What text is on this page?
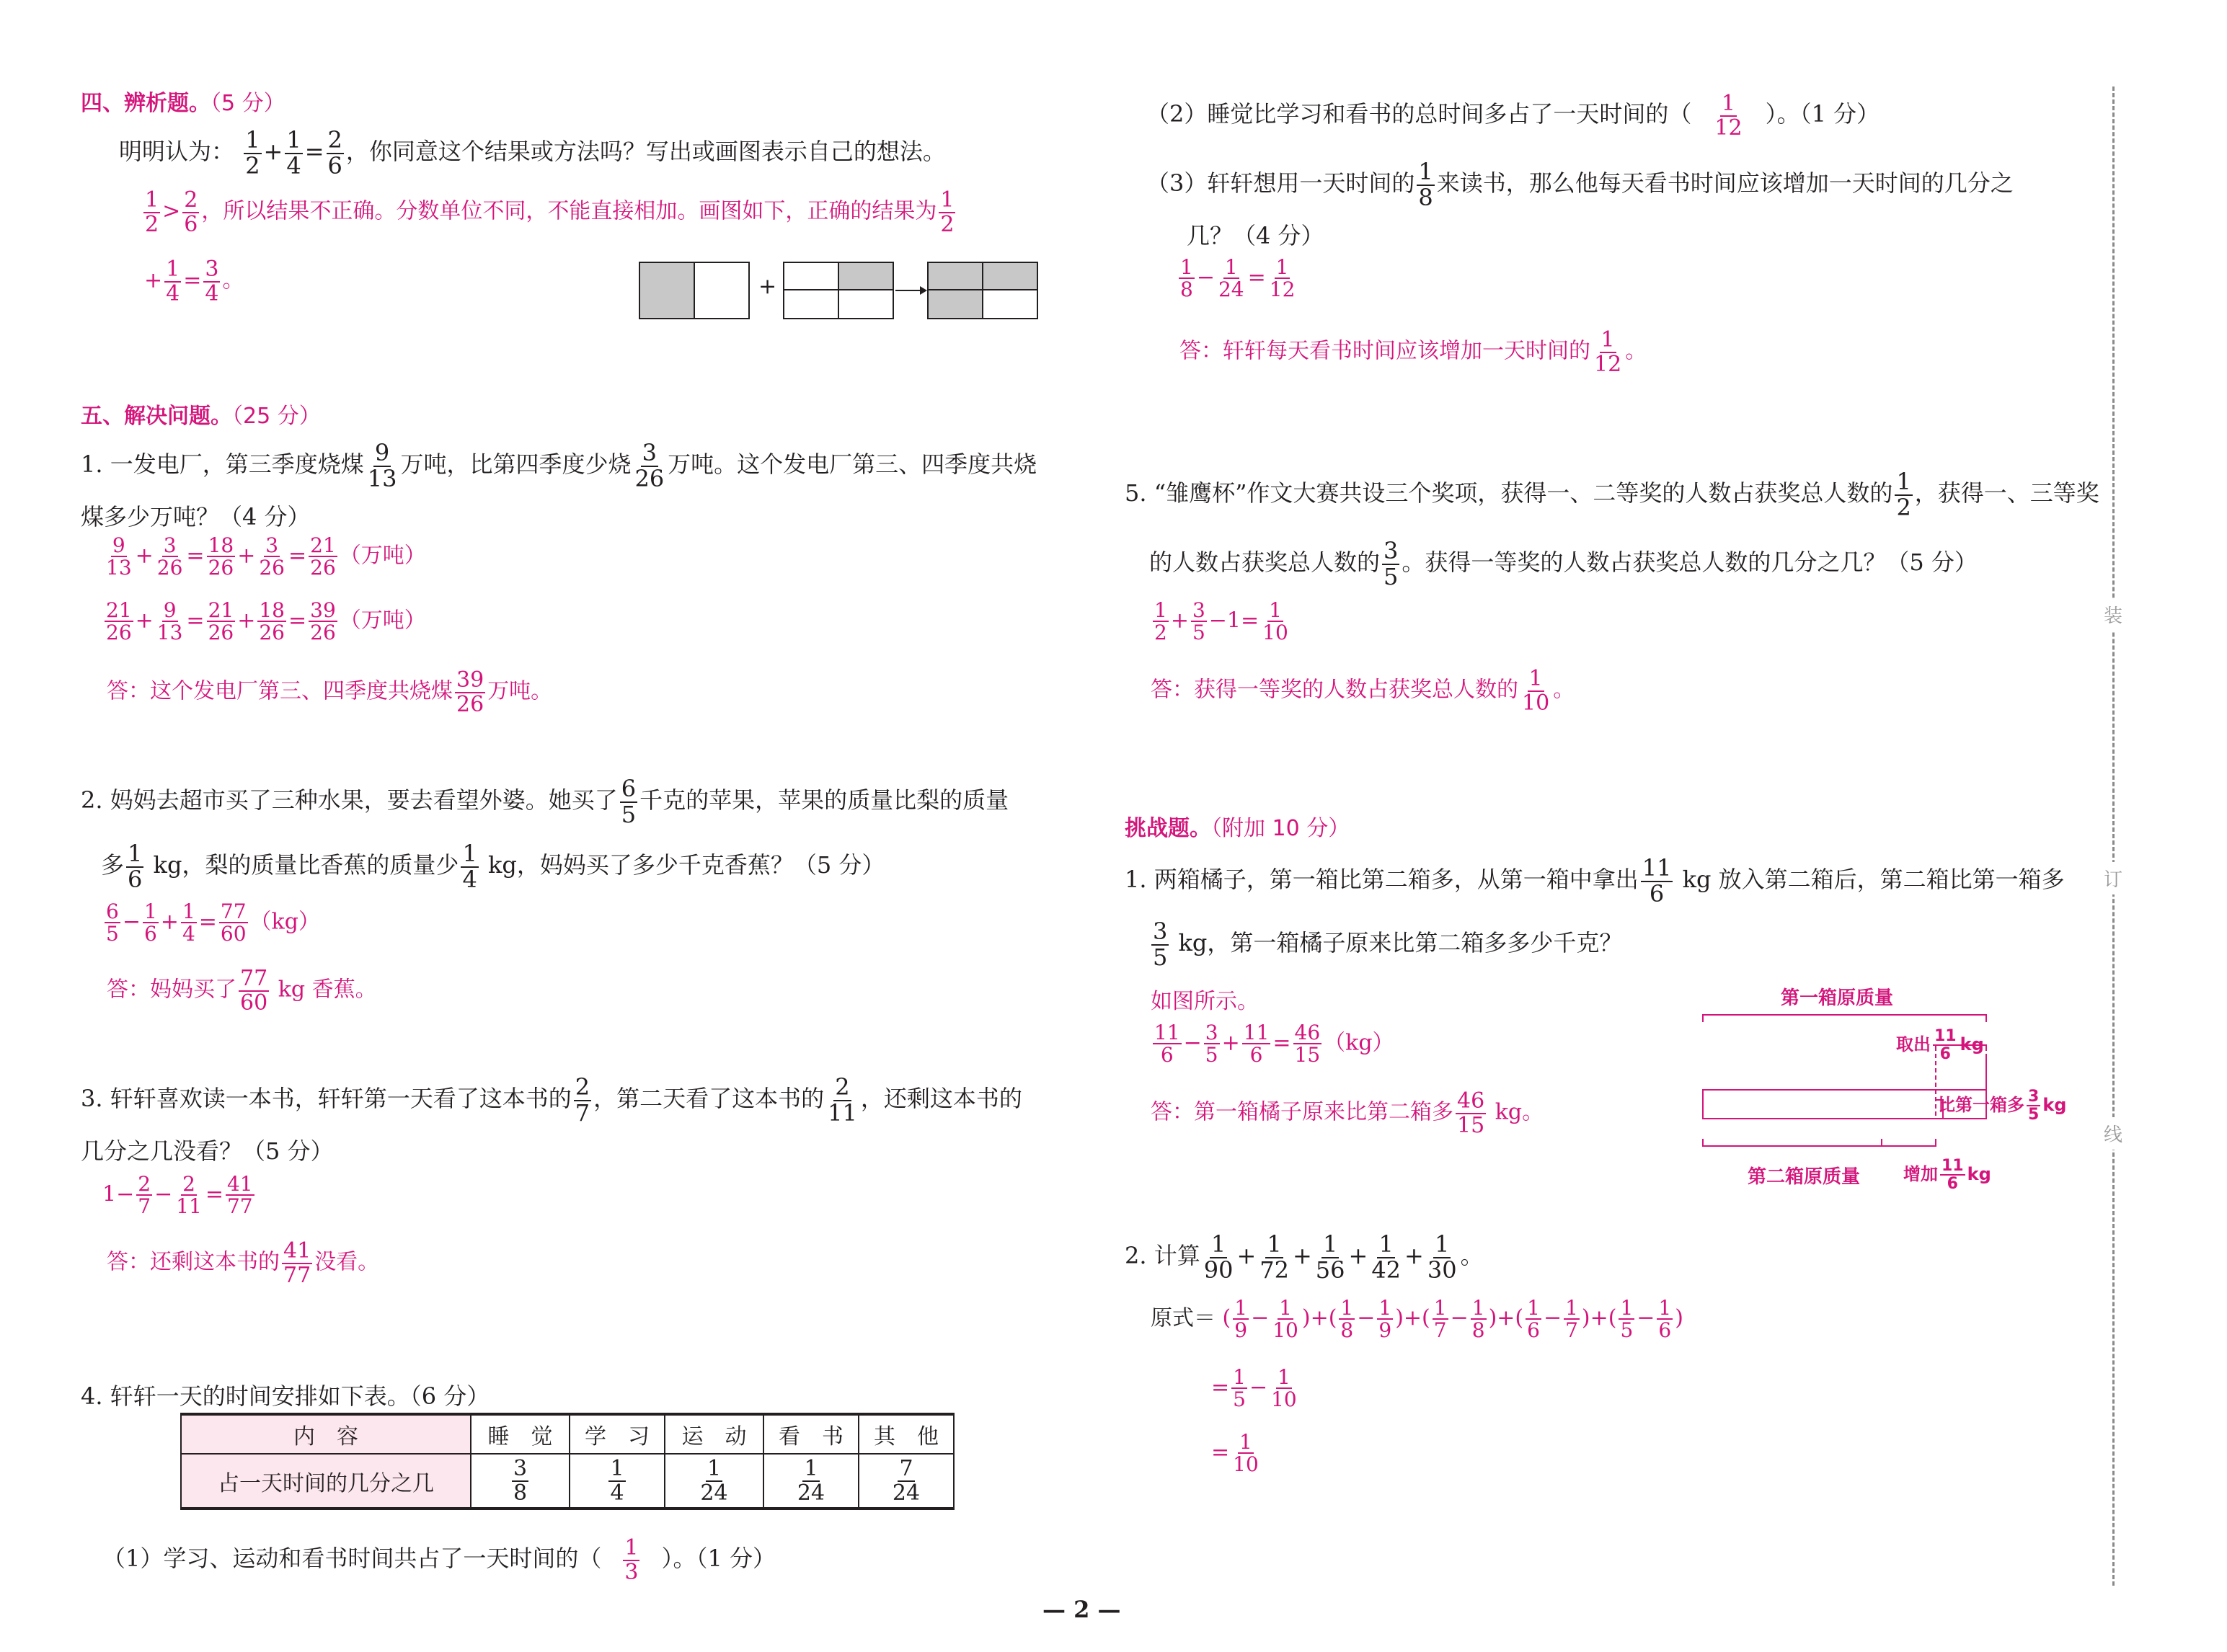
四、辨析题。（5 分）
明明认为： $\frac{1}{2} + \frac{1}{4} = \frac{2}{6}$ ，你同意这个结果或方法吗？写出或画图表示自己的想法。
$\frac{1}{2} > \frac{2}{6}$ ，所以结果不正确。分数单位不同，不能直接相加。画图如下，正确的结果为 $\frac{1}{2}$
+ $\frac{1}{4} = \frac{3}{4}$ 。	+
五、解决问题。（25 分）
1. 一发电厂，第三季度烧煤 $\frac{9}{13}$ 万吨，比第四季度少烧 $\frac{3}{26}$ 万吨。这个发电厂第三、四季度共烧
煤多少万吨？（4 分）
$\frac{9}{13} + \frac{3}{26} = \frac{18}{26} + \frac{3}{26} = \frac{21}{26}$ （万吨）
$\frac{21}{26} + \frac{9}{13} = \frac{21}{26} + \frac{18}{26} = \frac{39}{26}$ （万吨）
答：这个发电厂第三、四季度共烧煤 $\frac{39}{26}$ 万吨。
2. 妈妈去超市买了三种水果，要去看望外婆。她买了 $\frac{6}{5}$ 千克的苹果，苹果的质量比梨的质量
多 $\frac{1}{6}$ kg，梨的质量比香蕉的质量少 $\frac{1}{4}$ kg，妈妈买了多少千克香蕉？（5 分）
$\frac{6}{5} - \frac{1}{6} + \frac{1}{4} = \frac{77}{60} (kg)$
答：妈妈买了 $\frac{77}{60}$ kg 香蕉。
3. 轩轩喜欢读一本书，轩轩第一天看了这本书的 $\frac{2}{7}$ ，第二天看了这本书的 $\frac{2}{11}$ ，还剩这本书的
几分之几没看？（5 分）
$1- \frac{2}{7} - \frac{2}{11} = \frac{41}{77}$
答：还剩这本书的 $\frac{41}{77}$ 没看。
4. 轩轩一天的时间安排如下表。（6 分）
内　容	睡　觉	学　习	运　动	看　书	其　他
占一天时间的几分之几	$\frac{3}{8}$	$\frac{1}{4}$	$\frac{1}{24}$	$\frac{1}{24}$	$\frac{7}{24}$
（1）学习、运动和看书时间共占了一天时间的（ $\frac{1}{3}$ ）。（1 分）
（2）睡觉比学习和看书的总时间多占了一天时间的（ $\frac{1}{12}$ ）。（1 分）
（3）轩轩想用一天时间的 $\frac{1}{8}$ 来读书，那么他每天看书时间应该增加一天时间的几分之
几？（4 分）
$\frac{1}{8} - \frac{1}{24} = \frac{1}{12}$
答：轩轩每天看书时间应该增加一天时间的 $\frac{1}{12}$ 。
5. “雏鹰杯”作文大赛共设三个奖项，获得一、二等奖的人数占获奖总人数的 $\frac{1}{2}$ ，获得一、三等奖
的人数占获奖总人数的 $\frac{3}{5}$ 。获得一等奖的人数占获奖总人数的几分之几？（5 分）
$\frac{1}{2} + \frac{3}{5} -1= \frac{1}{10}$
答：获得一等奖的人数占获奖总人数的 $\frac{1}{10}$ 。
挑战题。（附加 10 分）
1. 两箱橘子，第一箱比第二箱多，从第一箱中拿出 $\frac{11}{6}$ kg 放入第二箱后，第二箱比第一箱多
$\frac{3}{5}$ kg，第一箱橘子原来比第二箱多多少千克？
如图所示。
$\frac{11}{6} - \frac{3}{5} + \frac{11}{6} = \frac{46}{15} (kg)$
答：第一箱橘子原来比第二箱多 $\frac{46}{15}$ kg。
第一箱原质量
取出 $\frac{11}{6}$ kg
比第一箱多 $\frac{3}{5}$ kg
第二箱原质量 增加 $\frac{11}{6}$ kg
2. 计算 $\frac{1}{90} + \frac{1}{72} + \frac{1}{56} + \frac{1}{42} + \frac{1}{30}$ 。
原式＝ ( $\frac{1}{9} - \frac{1}{10}$ )+( $\frac{1}{8} - \frac{1}{9}$ )+( $\frac{1}{7} - \frac{1}{8}$ )+( $\frac{1}{6} - \frac{1}{7}$ )+( $\frac{1}{5} - \frac{1}{6}$ )
= $\frac{1}{5} - \frac{1}{10}$
= $\frac{1}{10}$
装
订
线
— 2 —
